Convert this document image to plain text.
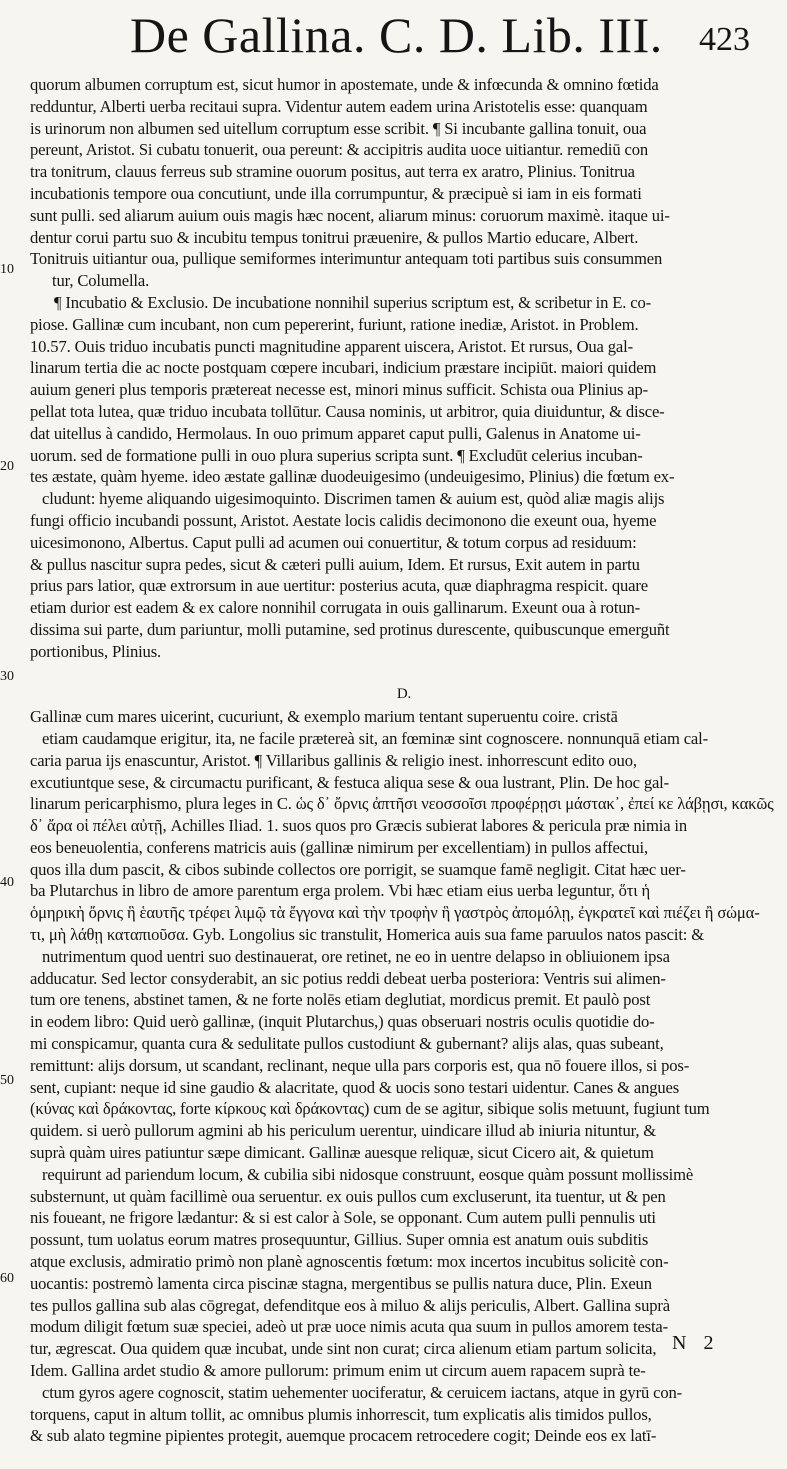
De Gallina. C. D. Lib. III. 423
10
20
30
40
50
60
quorum albumen corruptum est, sicut humor in apostemate, unde & infœcunda & omnino fœtida
redduntur, Alberti uerba recitaui supra. Videntur autem eadem urina Aristotelis esse: quanquam
is urinorum non albumen sed uitellum corruptum esse scribit. ¶ Si incubante gallina tonuit, oua
pereunt, Aristot. Si cubatu tonuerit, oua pereunt: & accipitris audita uoce uitiantur. remediū con
tra tonitrum, clauus ferreus sub stramine ouorum positus, aut terra ex aratro, Plinius. Tonitrua
incubationis tempore oua concutiunt, unde illa corrumpuntur, & præcipuè si iam in eis formati
sunt pulli. sed aliarum auium ouis magis hæc nocent, aliarum minus: coruorum maximè. itaque ui-
dentur corui partu suo & incubitu tempus tonitrui præuenire, & pullos Martio educare, Albert.
Tonitruis uitiantur oua, pullique semiformes interimuntur antequam toti partibus suis consummen
tur, Columella.
¶ Incubatio & Exclusio. De incubatione nonnihil superius scriptum est, & scribetur in E. co-
piose. Gallinæ cum incubant, non cum pepererint, furiunt, ratione inediæ, Aristot. in Problem.
10.57. Ouis triduo incubatis puncti magnitudine apparent uiscera, Aristot. Et rursus, Oua gal-
linarum tertia die ac nocte postquam cœpere incubari, indicium præstare incipiūt. maiori quidem
auium generi plus temporis prætereat necesse est, minori minus sufficit. Schista oua Plinius ap-
pellat tota lutea, quæ triduo incubata tollūtur. Causa nominis, ut arbitror, quia diuiduntur, & disce-
dat uitellus à candido, Hermolaus. In ouo primum apparet caput pulli, Galenus in Anatome ui-
uorum. sed de formatione pulli in ouo plura superius scripta sunt. ¶ Excludūt celerius incuban-
tes æstate, quàm hyeme. ideo æstate gallinæ duodeuigesimo (undeuigesimo, Plinius) die fœtum ex-
cludunt: hyeme aliquando uigesimoquinto. Discrimen tamen & auium est, quòd aliæ magis alijs
fungi officio incubandi possunt, Aristot. Aestate locis calidis decimonono die exeunt oua, hyeme
uicesimonono, Albertus. Caput pulli ad acumen oui conuertitur, & totum corpus ad residuum:
& pullus nascitur supra pedes, sicut & cæteri pulli auium, Idem. Et rursus, Exit autem in partu
prius pars latior, quæ extrorsum in aue uertitur: posterius acuta, quæ diaphragma respicit. quare
etiam durior est eadem & ex calore nonnihil corrugata in ouis gallinarum. Exeunt oua à rotun-
dissima sui parte, dum pariuntur, molli putamine, sed protinus durescente, quibuscunque emerguñt
portionibus, Plinius.
D.
Gallinæ cum mares uicerint, cucuriunt, & exemplo marium tentant superuentu coire. cristā
etiam caudamque erigitur, ita, ne facile prætereà sit, an fœminæ sint cognoscere. nonnunquā etiam cal-
caria parua ijs enascuntur, Aristot. ¶ Villaribus gallinis & religio inest. inhorrescunt edito ouo,
excutiuntque sese, & circumactu purificant, & festuca aliqua sese & oua lustrant, Plin. De hoc gal-
linarum pericarphismo, plura leges in C. ὡς δ᾽ ὄρνις ἀπτῆσι νεοσσοῖσι προφέρῃσι μάστακ᾽, ἐπεί κε λάβῃσι, κακῶς
δ᾽ ἄρα οἱ πέλει αὐτῇ, Achilles Iliad. 1. suos quos pro Græcis subierat labores & pericula præ nimia in
eos beneuolentia, conferens matricis auis (gallinæ nimirum per excellentiam) in pullos affectui,
quos illa dum pascit, & cibos subinde collectos ore porrigit, se suamque famē negligit. Citat hæc uer-
ba Plutarchus in libro de amore parentum erga prolem. Vbi hæc etiam eius uerba leguntur, ὅτι ἡ
ὁμηρικὴ ὄρνις ἣ ἑαυτῆς τρέφει λιμῷ τὰ ἔγγονα καὶ τὴν τροφὴν ἣ γαστρὸς ἀπομόλῃ, ἐγκρατεῖ καὶ πιέζει ἢ σώμα-
τι, μὴ λάθῃ καταπιοῦσα. Gyb. Longolius sic transtulit, Homerica auis sua fame paruulos natos pascit: &
nutrimentum quod uentri suo destinauerat, ore retinet, ne eo in uentre delapso in obliuionem ipsa
adducatur. Sed lector consyderabit, an sic potius reddi debeat uerba posteriora: Ventris sui alimen-
tum ore tenens, abstinet tamen, & ne forte nolēs etiam deglutiat, mordicus premit. Et paulò post
in eodem libro: Quid uerò gallinæ, (inquit Plutarchus,) quas obseruari nostris oculis quotidie do-
mi conspicamur, quanta cura & sedulitate pullos custodiunt & gubernant? alijs alas, quas subeant,
remittunt: alijs dorsum, ut scandant, reclinant, neque ulla pars corporis est, qua nō fouere illos, si pos-
sent, cupiant: neque id sine gaudio & alacritate, quod & uocis sono testari uidentur. Canes & angues
(κύνας καὶ δράκοντας, forte κίρκους καὶ δράκοντας) cum de se agitur, sibique solis metuunt, fugiunt tum
quidem. si uerò pullorum agmini ab his periculum uerentur, uindicare illud ab iniuria nituntur, &
suprà quàm uires patiuntur sæpe dimicant. Gallinæ auesque reliquæ, sicut Cicero ait, & quietum
requirunt ad pariendum locum, & cubilia sibi nidosque construunt, eosque quàm possunt mollissimè
substernunt, ut quàm facillimè oua seruentur. ex ouis pullos cum excluserunt, ita tuentur, ut & pen
nis foueant, ne frigore lædantur: & si est calor à Sole, se opponant. Cum autem pulli pennulis uti
possunt, tum uolatus eorum matres prosequuntur, Gillius. Super omnia est anatum ouis subditis
atque exclusis, admiratio primò non planè agnoscentis fœtum: mox incertos incubitus solicitè con-
uocantis: postremò lamenta circa piscinæ stagna, mergentibus se pullis natura duce, Plin. Exeun
tes pullos gallina sub alas cōgregat, defenditque eos à miluo & alijs periculis, Albert. Gallina suprà
modum diligit fœtum suæ speciei, adeò ut præ uoce nimis acuta qua suum in pullos amorem testa-
tur, ægrescat. Oua quidem quæ incubat, unde sint non curat; circa alienum etiam partum solicita,
Idem. Gallina ardet studio & amore pullorum: primum enim ut circum auem rapacem suprà te-
ctum gyros agere cognoscit, statim uehementer uociferatur, & ceruicem iactans, atque in gyrū con-
torquens, caput in altum tollit, ac omnibus plumis inhorrescit, tum explicatis alis timidos pullos,
& sub alato tegmine pipientes protegit, auemque procacem retrocedere cogit; Deinde eos ex latī-
N 2
